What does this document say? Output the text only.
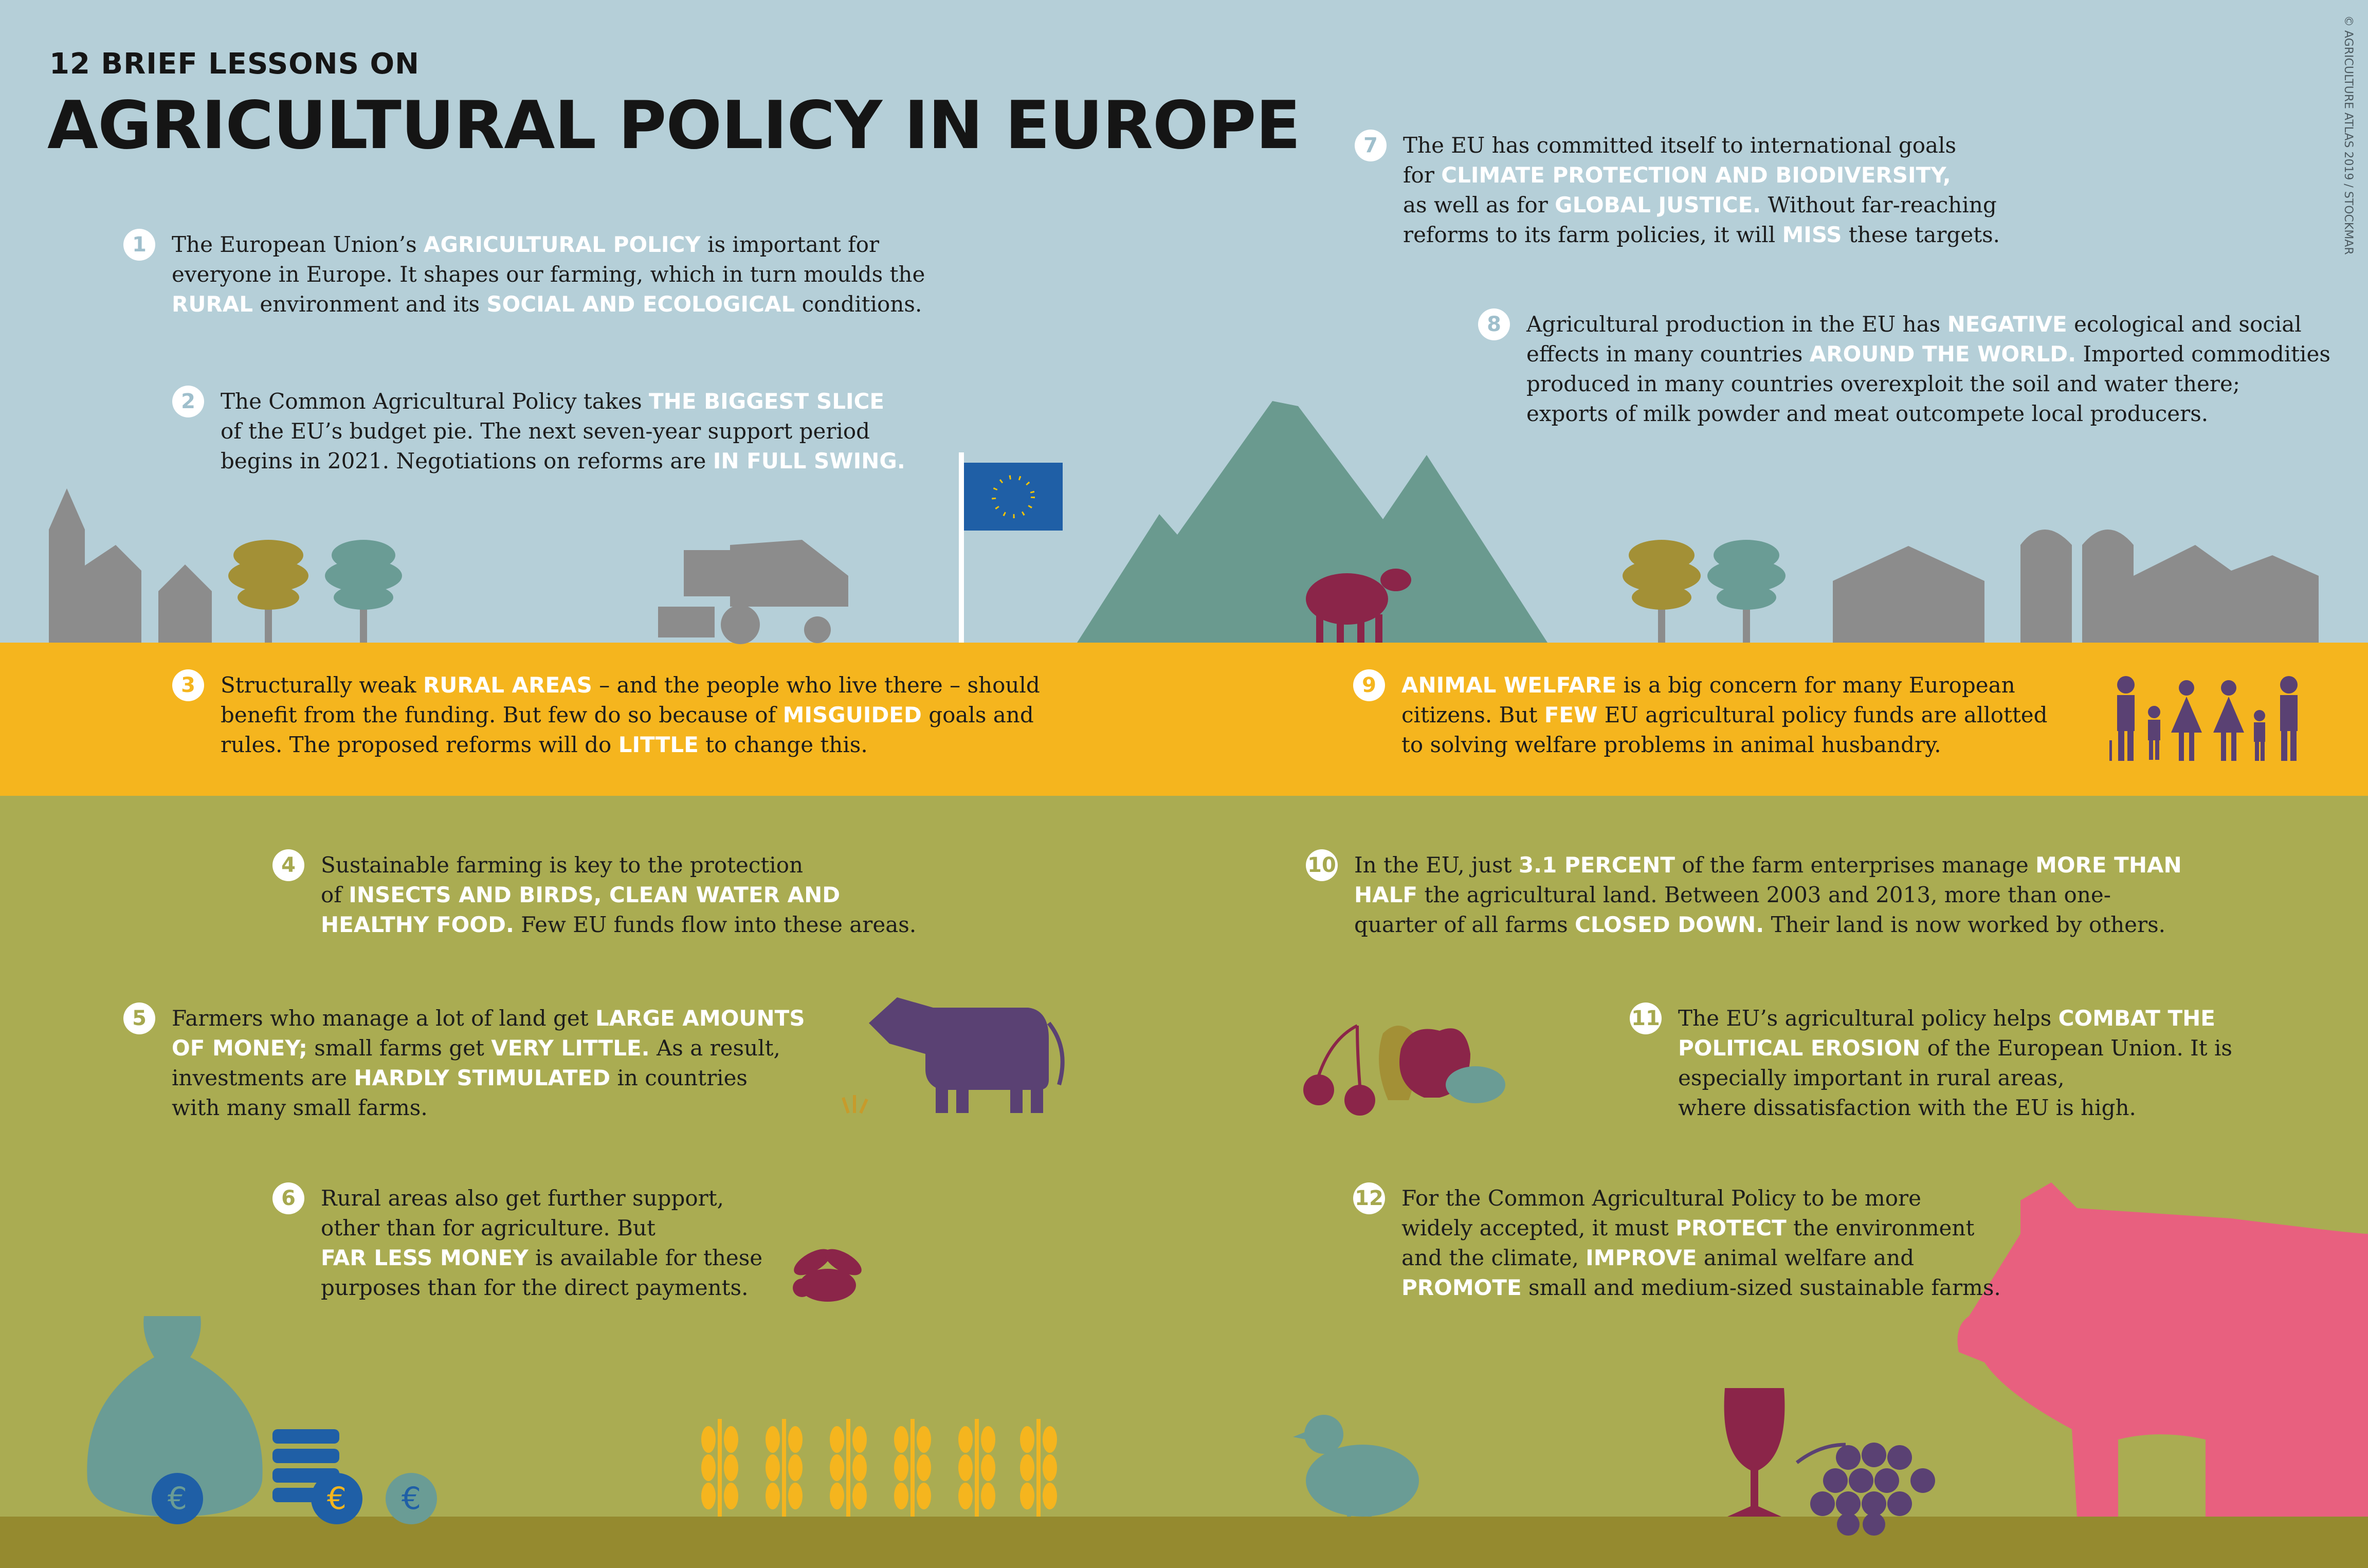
€	€ €
12 BRIEF LESSONS ON
AGRICULTURAL POLICY IN EUROPE	© AGRICULTURE ATLAS 2019 / STOCKMAR
1	The European Union’s AGRICULTURAL POLICY is important for
everyone in Europe. It shapes our farming, which in turn moulds the
RURAL environment and its SOCIAL AND ECOLOGICAL conditions.
2	The Common Agricultural Policy takes THE BIGGEST SLICE
of the EU’s budget pie. The next seven-year support period
begins in 2021. Negotiations on reforms are IN FULL SWING.
3	Structurally weak RURAL AREAS – and the people who live there – should
benefit from the funding. But few do so because of MISGUIDED goals and
rules. The proposed reforms will do LITTLE to change this.
4	Sustainable farming is key to the protection
of INSECTS AND BIRDS, CLEAN WATER AND
HEALTHY FOOD. Few EU funds flow into these areas.
5	Farmers who manage a lot of land get LARGE AMOUNTS
OF MONEY; small farms get VERY LITTLE. As a result,
investments are HARDLY STIMULATED in countries
with many small farms.
6	Rural areas also get further support,
other than for agriculture. But
FAR LESS MONEY is available for these
purposes than for the direct payments.
7	The EU has committed itself to international goals
for CLIMATE PROTECTION AND BIODIVERSITY,
as well as for GLOBAL JUSTICE. Without far-reaching
reforms to its farm policies, it will MISS these targets.
8	Agricultural production in the EU has NEGATIVE ecological and social
effects in many countries AROUND THE WORLD. Imported commodities
produced in many countries overexploit the soil and water there;
exports of milk powder and meat outcompete local producers.
9	ANIMAL WELFARE is a big concern for many European
citizens. But FEW EU agricultural policy funds are allotted
to solving welfare problems in animal husbandry.
10 In the EU, just 3.1 PERCENT of the farm enterprises manage MORE THAN
HALF the agricultural land. Between 2003 and 2013, more than one-
quarter of all farms CLOSED DOWN. Their land is now worked by others.
11 The EU’s agricultural policy helps COMBAT THE
POLITICAL EROSION of the European Union. It is
especially important in rural areas,
where dissatisfaction with the EU is high.
12 For the Common Agricultural Policy to be more
widely accepted, it must PROTECT the environment
and the climate, IMPROVE animal welfare and
PROMOTE small and medium-sized sustainable farms.
